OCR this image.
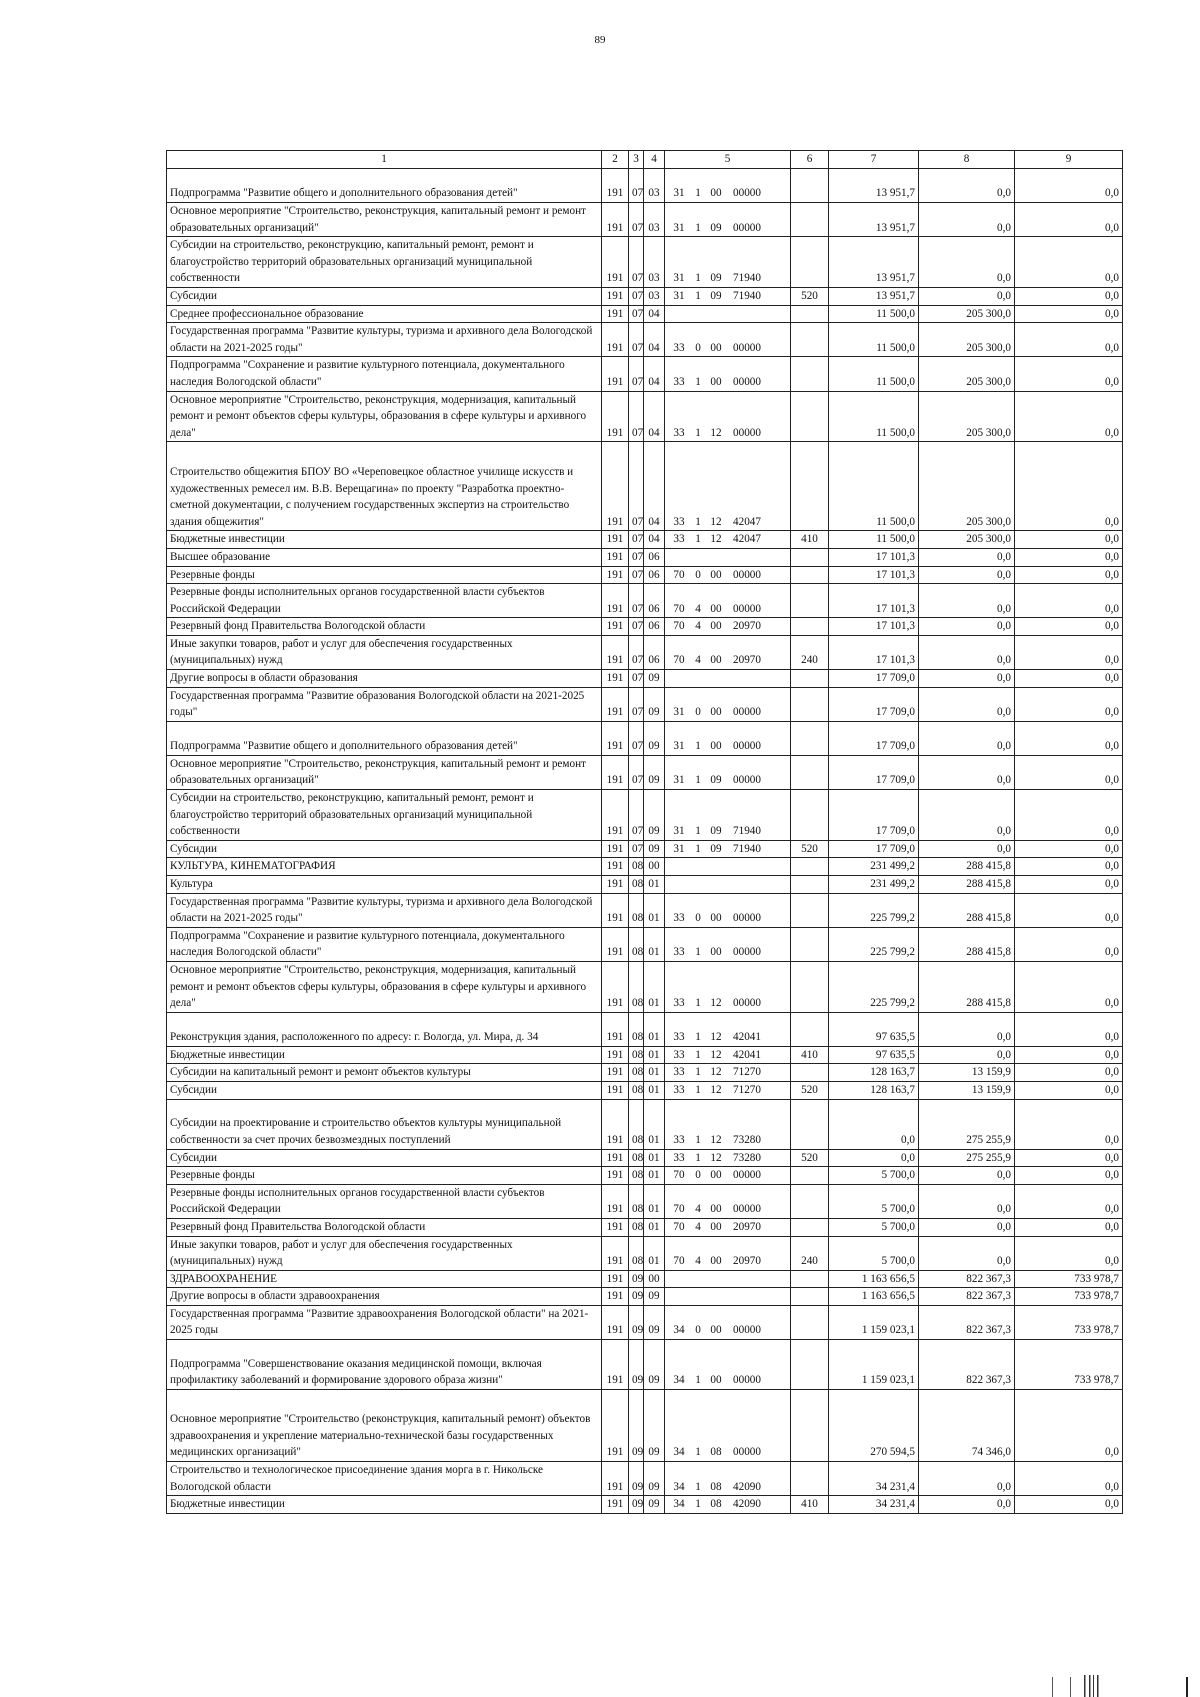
89
1	2	3	4	5	6	7	8	9
Подпрограмма "Развитие общего и дополнительного образования детей"	191	07	03	31 1 00 00000		13 951,7	0,0	0,0
Основное мероприятие "Строительство, реконструкция, капитальный ремонт и ремонт образовательных организаций"	191	07	03	31 1 09 00000		13 951,7	0,0	0,0
Субсидии на строительство, реконструкцию, капитальный ремонт, ремонт и благоустройство территорий образовательных организаций муниципальной собственности	191	07	03	31 1 09 71940		13 951,7	0,0	0,0
Субсидии	191	07	03	31 1 09 71940	520	13 951,7	0,0	0,0
Среднее профессиональное образование	191	07	04			11 500,0	205 300,0	0,0
Государственная программа "Развитие культуры, туризма и архивного дела Вологодской области на 2021-2025 годы"	191	07	04	33 0 00 00000		11 500,0	205 300,0	0,0
Подпрограмма "Сохранение и развитие культурного потенциала, документального наследия Вологодской области"	191	07	04	33 1 00 00000		11 500,0	205 300,0	0,0
Основное мероприятие "Строительство, реконструкция, модернизация, капитальный ремонт и ремонт объектов сферы культуры, образования в сфере культуры и архивного дела"	191	07	04	33 1 12 00000		11 500,0	205 300,0	0,0
Строительство общежития БПОУ ВО «Череповецкое областное училище искусств и художественных ремесел им. В.В. Верещагина» по проекту "Разработка проектно-сметной документации, с получением государственных экспертиз на строительство здания общежития"	191	07	04	33 1 12 42047		11 500,0	205 300,0	0,0
Бюджетные инвестиции	191	07	04	33 1 12 42047	410	11 500,0	205 300,0	0,0
Высшее образование	191	07	06			17 101,3	0,0	0,0
Резервные фонды	191	07	06	70 0 00 00000		17 101,3	0,0	0,0
Резервные фонды исполнительных органов государственной власти субъектов Российской Федерации	191	07	06	70 4 00 00000		17 101,3	0,0	0,0
Резервный фонд Правительства Вологодской области	191	07	06	70 4 00 20970		17 101,3	0,0	0,0
Иные закупки товаров, работ и услуг для обеспечения государственных (муниципальных) нужд	191	07	06	70 4 00 20970	240	17 101,3	0,0	0,0
Другие вопросы в области образования	191	07	09			17 709,0	0,0	0,0
Государственная программа "Развитие образования Вологодской области на 2021-2025 годы"	191	07	09	31 0 00 00000		17 709,0	0,0	0,0
Подпрограмма "Развитие общего и дополнительного образования детей"	191	07	09	31 1 00 00000		17 709,0	0,0	0,0
Основное мероприятие "Строительство, реконструкция, капитальный ремонт и ремонт образовательных организаций"	191	07	09	31 1 09 00000		17 709,0	0,0	0,0
Субсидии на строительство, реконструкцию, капитальный ремонт, ремонт и благоустройство территорий образовательных организаций муниципальной собственности	191	07	09	31 1 09 71940		17 709,0	0,0	0,0
Субсидии	191	07	09	31 1 09 71940	520	17 709,0	0,0	0,0
КУЛЬТУРА, КИНЕМАТОГРАФИЯ	191	08	00			231 499,2	288 415,8	0,0
Культура	191	08	01			231 499,2	288 415,8	0,0
Государственная программа "Развитие культуры, туризма и архивного дела Вологодской области на 2021-2025 годы"	191	08	01	33 0 00 00000		225 799,2	288 415,8	0,0
Подпрограмма "Сохранение и развитие культурного потенциала, документального наследия Вологодской области"	191	08	01	33 1 00 00000		225 799,2	288 415,8	0,0
Основное мероприятие "Строительство, реконструкция, модернизация, капитальный ремонт и ремонт объектов сферы культуры, образования в сфере культуры и архивного дела"	191	08	01	33 1 12 00000		225 799,2	288 415,8	0,0
Реконструкция здания, расположенного по адресу: г. Вологда, ул. Мира, д. 34	191	08	01	33 1 12 42041		97 635,5	0,0	0,0
Бюджетные инвестиции	191	08	01	33 1 12 42041	410	97 635,5	0,0	0,0
Субсидии на капитальный ремонт и ремонт объектов культуры	191	08	01	33 1 12 71270		128 163,7	13 159,9	0,0
Субсидии	191	08	01	33 1 12 71270	520	128 163,7	13 159,9	0,0
Субсидии на проектирование и строительство объектов культуры муниципальной собственности за счет прочих безвозмездных поступлений	191	08	01	33 1 12 73280		0,0	275 255,9	0,0
Субсидии	191	08	01	33 1 12 73280	520	0,0	275 255,9	0,0
Резервные фонды	191	08	01	70 0 00 00000		5 700,0	0,0	0,0
Резервные фонды исполнительных органов государственной власти субъектов Российской Федерации	191	08	01	70 4 00 00000		5 700,0	0,0	0,0
Резервный фонд Правительства Вологодской области	191	08	01	70 4 00 20970		5 700,0	0,0	0,0
Иные закупки товаров, работ и услуг для обеспечения государственных (муниципальных) нужд	191	08	01	70 4 00 20970	240	5 700,0	0,0	0,0
ЗДРАВООХРАНЕНИЕ	191	09	00			1 163 656,5	822 367,3	733 978,7
Другие вопросы в области здравоохранения	191	09	09			1 163 656,5	822 367,3	733 978,7
Государственная программа "Развитие здравоохранения Вологодской области" на 2021-2025 годы	191	09	09	34 0 00 00000		1 159 023,1	822 367,3	733 978,7
Подпрограмма "Совершенствование оказания медицинской помощи, включая профилактику заболеваний и формирование здорового образа жизни"	191	09	09	34 1 00 00000		1 159 023,1	822 367,3	733 978,7
Основное мероприятие "Строительство (реконструкция, капитальный ремонт) объектов здравоохранения и укрепление материально-технической базы государственных медицинских организаций"	191	09	09	34 1 08 00000		270 594,5	74 346,0	0,0
Строительство и технологическое присоединение здания морга в г. Никольске Вологодской области	191	09	09	34 1 08 42090		34 231,4	0,0	0,0
Бюджетные инвестиции	191	09	09	34 1 08 42090	410	34 231,4	0,0	0,0
